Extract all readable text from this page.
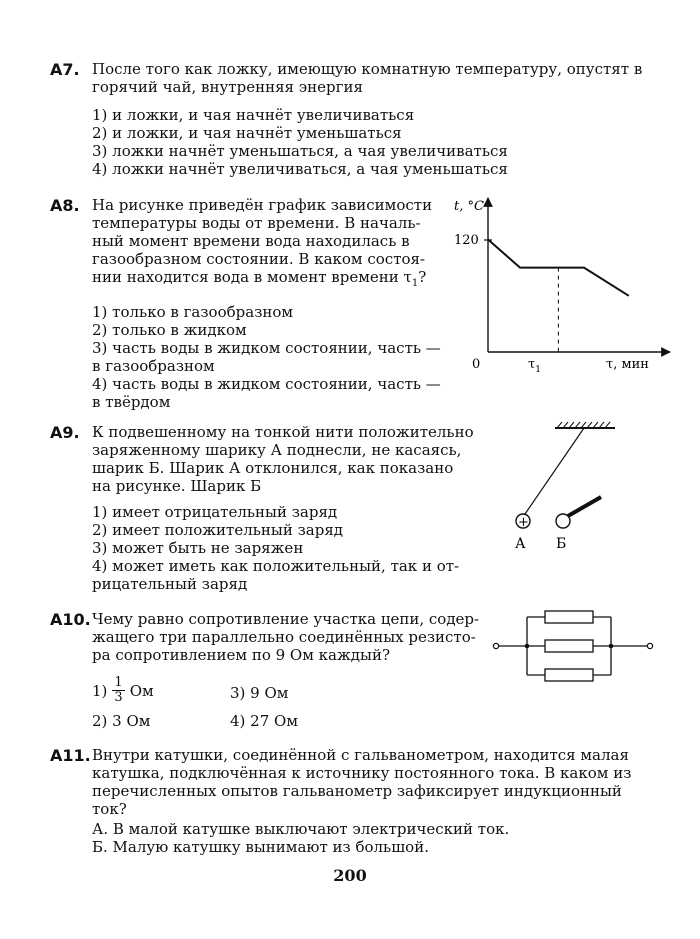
A7. После того как ложку, имеющую комнатную температуру, опустят в горячий чай, внутренняя энергия
1) и ложки, и чая начнёт увеличиваться
2) и ложки, и чая начнёт уменьшаться
3) ложки начнёт уменьшаться, а чая увеличиваться
4) ложки начнёт увеличиваться, а чая уменьшаться
A8. На рисунке приведён график зависимости
температуры воды от времени. В началь-
ный момент времени вода находилась в
газообразном состоянии. В каком состоя-
нии находится вода в момент времени $\tau_1$?
1) только в газообразном
2) только в жидком
3) часть воды в жидком состоянии, часть —
в газообразном
4) часть воды в жидком состоянии, часть —
в твёрдом
t, °C
120
0	τ, мин
$\tau_1$
A9. К подвешенному на тонкой нити положительно
заряженному шарику А поднесли, не касаясь,
шарик Б. Шарик А отклонился, как показано
на рисунке. Шарик Б
1) имеет отрицательный заряд
2) имеет положительный заряд
3) может быть не заряжен
4) может иметь как положительный, так и от-
рицательный заряд
+
А Б
A10. Чему равно сопротивление участка цепи, содер-
жащего три параллельно соединённых резисто-
ра сопротивлением по 9 Ом каждый?
1) 1
3 Ом	3) 9 Ом
2) 3 Ом	4) 27 Ом
A11. Внутри катушки, соединённой с гальванометром, находится малая катушка, подключённая к источнику постоянного тока. В каком из перечисленных опытов гальванометр зафиксирует индукционный ток?
А. В малой катушке выключают электрический ток.
Б. Малую катушку вынимают из большой.
200
